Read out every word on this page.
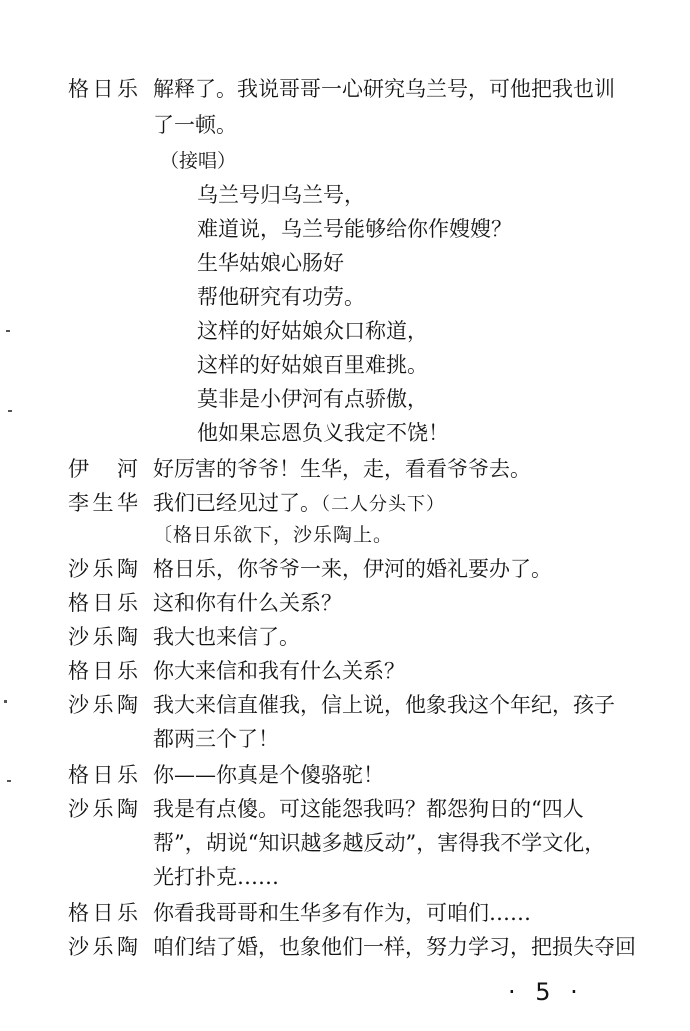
格日乐 解释了。我说哥哥一心研究乌兰号，可他把我也训
了一顿。
（接唱）
乌兰号归乌兰号，
难道说，乌兰号能够给你作嫂嫂？
生华姑娘心肠好
帮他研究有功劳。
这样的好姑娘众口称道，
这样的好姑娘百里难挑。
莫非是小伊河有点骄傲，
他如果忘恩负义我定不饶！
伊　河 好厉害的爷爷！生华，走，看看爷爷去。
李生华 我们已经见过了。（二人分头下）
〔格日乐欲下，沙乐陶上。
沙乐陶 格日乐，你爷爷一来，伊河的婚礼要办了。
格日乐 这和你有什么关系？
沙乐陶 我大也来信了。
格日乐 你大来信和我有什么关系？
沙乐陶 我大来信直催我，信上说，他象我这个年纪，孩子
都两三个了！
格日乐 你——你真是个傻骆驼！
沙乐陶 我是有点傻。可这能怨我吗？都怨狗日的“四人
帮”，胡说“知识越多越反动”，害得我不学文化，
光打扑克……
格日乐 你看我哥哥和生华多有作为，可咱们……
沙乐陶 咱们结了婚，也象他们一样，努力学习，把损失夺回
· 5 ·
